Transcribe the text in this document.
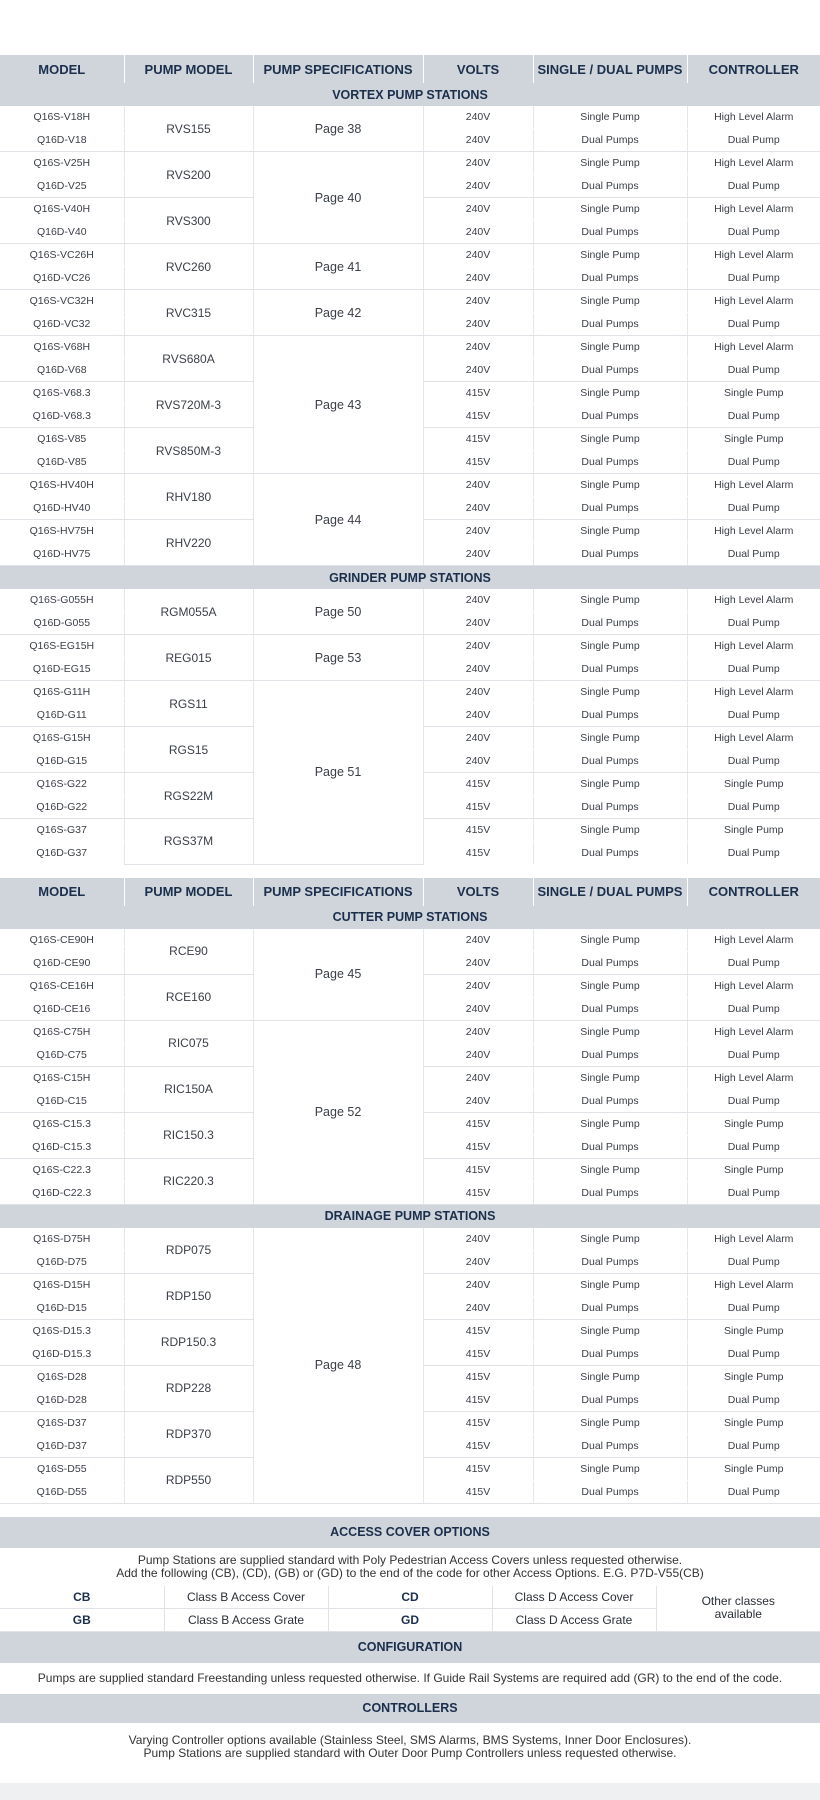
MODEL	PUMP MODEL	PUMP SPECIFICATIONS	VOLTS	SINGLE / DUAL PUMPS	CONTROLLER
VORTEX PUMP STATIONS					
Q16S-V18H	RVS155	Page 38	240V	Single Pump	High Level Alarm
Q16D-V18			240V	Dual Pumps	Dual Pump
Q16S-V25H	RVS200	Page 40	240V	Single Pump	High Level Alarm
Q16D-V25			240V	Dual Pumps	Dual Pump
Q16S-V40H	RVS300		240V	Single Pump	High Level Alarm
Q16D-V40			240V	Dual Pumps	Dual Pump
Q16S-VC26H	RVC260	Page 41	240V	Single Pump	High Level Alarm
Q16D-VC26			240V	Dual Pumps	Dual Pump
Q16S-VC32H	RVC315	Page 42	240V	Single Pump	High Level Alarm
Q16D-VC32			240V	Dual Pumps	Dual Pump
Q16S-V68H	RVS680A	Page 43	240V	Single Pump	High Level Alarm
Q16D-V68			240V	Dual Pumps	Dual Pump
Q16S-V68.3	RVS720M-3		415V	Single Pump	Single Pump
Q16D-V68.3			415V	Dual Pumps	Dual Pump
Q16S-V85	RVS850M-3		415V	Single Pump	Single Pump
Q16D-V85			415V	Dual Pumps	Dual Pump
Q16S-HV40H	RHV180	Page 44	240V	Single Pump	High Level Alarm
Q16D-HV40			240V	Dual Pumps	Dual Pump
Q16S-HV75H	RHV220		240V	Single Pump	High Level Alarm
Q16D-HV75			240V	Dual Pumps	Dual Pump
GRINDER PUMP STATIONS					
Q16S-G055H	RGM055A	Page 50	240V	Single Pump	High Level Alarm
Q16D-G055			240V	Dual Pumps	Dual Pump
Q16S-EG15H	REG015	Page 53	240V	Single Pump	High Level Alarm
Q16D-EG15			240V	Dual Pumps	Dual Pump
Q16S-G11H	RGS11	Page 51	240V	Single Pump	High Level Alarm
Q16D-G11			240V	Dual Pumps	Dual Pump
Q16S-G15H	RGS15		240V	Single Pump	High Level Alarm
Q16D-G15			240V	Dual Pumps	Dual Pump
Q16S-G22	RGS22M		415V	Single Pump	Single Pump
Q16D-G22			415V	Dual Pumps	Dual Pump
Q16S-G37	RGS37M		415V	Single Pump	Single Pump
Q16D-G37			415V	Dual Pumps	Dual Pump
MODEL	PUMP MODEL	PUMP SPECIFICATIONS	VOLTS	SINGLE / DUAL PUMPS	CONTROLLER
CUTTER PUMP STATIONS					
Q16S-CE90H	RCE90	Page 45	240V	Single Pump	High Level Alarm
Q16D-CE90			240V	Dual Pumps	Dual Pump
Q16S-CE16H	RCE160		240V	Single Pump	High Level Alarm
Q16D-CE16			240V	Dual Pumps	Dual Pump
Q16S-C75H	RIC075	Page 52	240V	Single Pump	High Level Alarm
Q16D-C75			240V	Dual Pumps	Dual Pump
Q16S-C15H	RIC150A		240V	Single Pump	High Level Alarm
Q16D-C15			240V	Dual Pumps	Dual Pump
Q16S-C15.3	RIC150.3		415V	Single Pump	Single Pump
Q16D-C15.3			415V	Dual Pumps	Dual Pump
Q16S-C22.3	RIC220.3		415V	Single Pump	Single Pump
Q16D-C22.3			415V	Dual Pumps	Dual Pump
DRAINAGE PUMP STATIONS					
Q16S-D75H	RDP075	Page 48	240V	Single Pump	High Level Alarm
Q16D-D75			240V	Dual Pumps	Dual Pump
Q16S-D15H	RDP150		240V	Single Pump	High Level Alarm
Q16D-D15			240V	Dual Pumps	Dual Pump
Q16S-D15.3	RDP150.3		415V	Single Pump	Single Pump
Q16D-D15.3			415V	Dual Pumps	Dual Pump
Q16S-D28	RDP228		415V	Single Pump	Single Pump
Q16D-D28			415V	Dual Pumps	Dual Pump
Q16S-D37	RDP370		415V	Single Pump	Single Pump
Q16D-D37			415V	Dual Pumps	Dual Pump
Q16S-D55	RDP550		415V	Single Pump	Single Pump
Q16D-D55			415V	Dual Pumps	Dual Pump
ACCESS COVER OPTIONS
Pump Stations are supplied standard with Poly Pedestrian Access Covers unless requested otherwise.
Add the following (CB), (CD), (GB) or (GD) to the end of the code for other Access Options. E.G. P7D-V55(CB)
CB	Class B Access Cover	CD	Class D Access Cover	Other classes
available
GB	Class B Access Grate	GD	Class D Access Grate	
CONFIGURATION
Pumps are supplied standard Freestanding unless requested otherwise. If Guide Rail Systems are required add (GR) to the end of the code.
CONTROLLERS
Varying Controller options available (Stainless Steel, SMS Alarms, BMS Systems, Inner Door Enclosures).
Pump Stations are supplied standard with Outer Door Pump Controllers unless requested otherwise.
